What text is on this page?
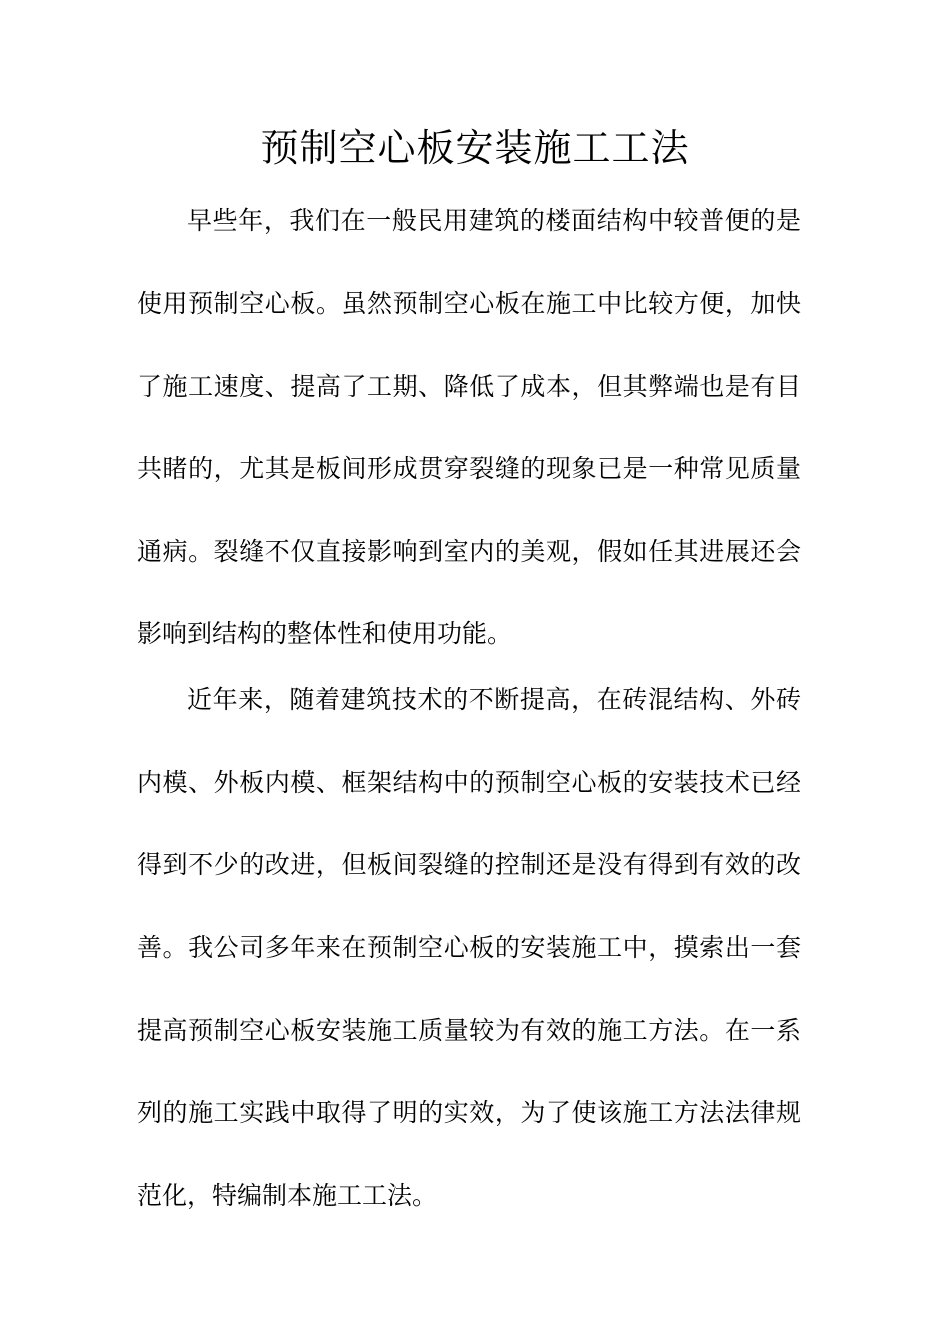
预制空心板安装施工工法

早些年，我们在一般民用建筑的楼面结构中较普便的是

使用预制空心板。虽然预制空心板在施工中比较方便，加快

了施工速度、提高了工期、降低了成本，但其弊端也是有目

共睹的，尤其是板间形成贯穿裂缝的现象已是一种常见质量

通病。裂缝不仅直接影响到室内的美观，假如任其进展还会

影响到结构的整体性和使用功能。

近年来，随着建筑技术的不断提高，在砖混结构、外砖

内模、外板内模、框架结构中的预制空心板的安装技术已经

得到不少的改进，但板间裂缝的控制还是没有得到有效的改

善。我公司多年来在预制空心板的安装施工中，摸索出一套

提高预制空心板安装施工质量较为有效的施工方法。在一系

列的施工实践中取得了明的实效，为了使该施工方法法律规

范化，特编制本施工工法。
